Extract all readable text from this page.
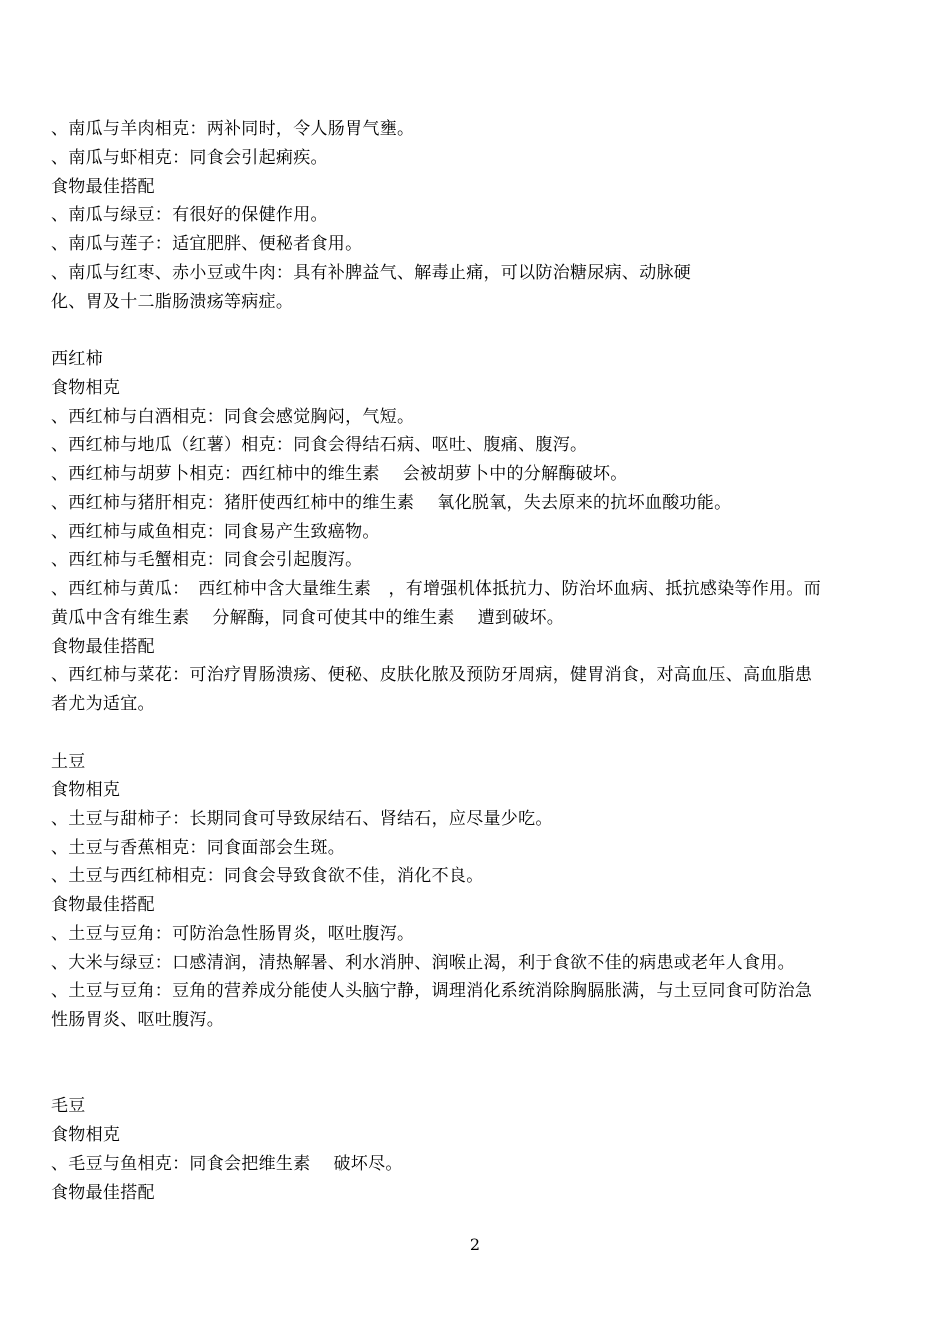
、南瓜与羊肉相克：两补同时，令人肠胃气壅。
、南瓜与虾相克：同食会引起痢疾。
食物最佳搭配
、南瓜与绿豆：有很好的保健作用。
、南瓜与莲子：适宜肥胖、便秘者食用。
、南瓜与红枣、赤小豆或牛肉：具有补脾益气、解毒止痛，可以防治糖尿病、动脉硬
化、胃及十二脂肠溃疡等病症。
西红柿
食物相克
、西红柿与白酒相克：同食会感觉胸闷，气短。
、西红柿与地瓜（红薯）相克：同食会得结石病、呕吐、腹痛、腹泻。
、西红柿与胡萝卜相克：西红柿中的维生素　 会被胡萝卜中的分解酶破坏。
、西红柿与猪肝相克：猪肝使西红柿中的维生素　 氧化脱氧，失去原来的抗坏血酸功能。
、西红柿与咸鱼相克：同食易产生致癌物。
、西红柿与毛蟹相克：同食会引起腹泻。
、西红柿与黄瓜：　西红柿中含大量维生素　，有增强机体抵抗力、防治坏血病、抵抗感染等作用。而
黄瓜中含有维生素　 分解酶，同食可使其中的维生素　 遭到破坏。
食物最佳搭配
、西红柿与菜花：可治疗胃肠溃疡、便秘、皮肤化脓及预防牙周病，健胃消食，对高血压、高血脂患
者尤为适宜。
土豆
食物相克
、土豆与甜柿子：长期同食可导致尿结石、肾结石，应尽量少吃。
、土豆与香蕉相克：同食面部会生斑。
、土豆与西红柿相克：同食会导致食欲不佳，消化不良。
食物最佳搭配
、土豆与豆角：可防治急性肠胃炎，呕吐腹泻。
、大米与绿豆：口感清润，清热解暑、利水消肿、润喉止渴，利于食欲不佳的病患或老年人食用。
、土豆与豆角：豆角的营养成分能使人头脑宁静，调理消化系统消除胸膈胀满，与土豆同食可防治急
性肠胃炎、呕吐腹泻。
毛豆
食物相克
、毛豆与鱼相克：同食会把维生素　 破坏尽。
食物最佳搭配
2
